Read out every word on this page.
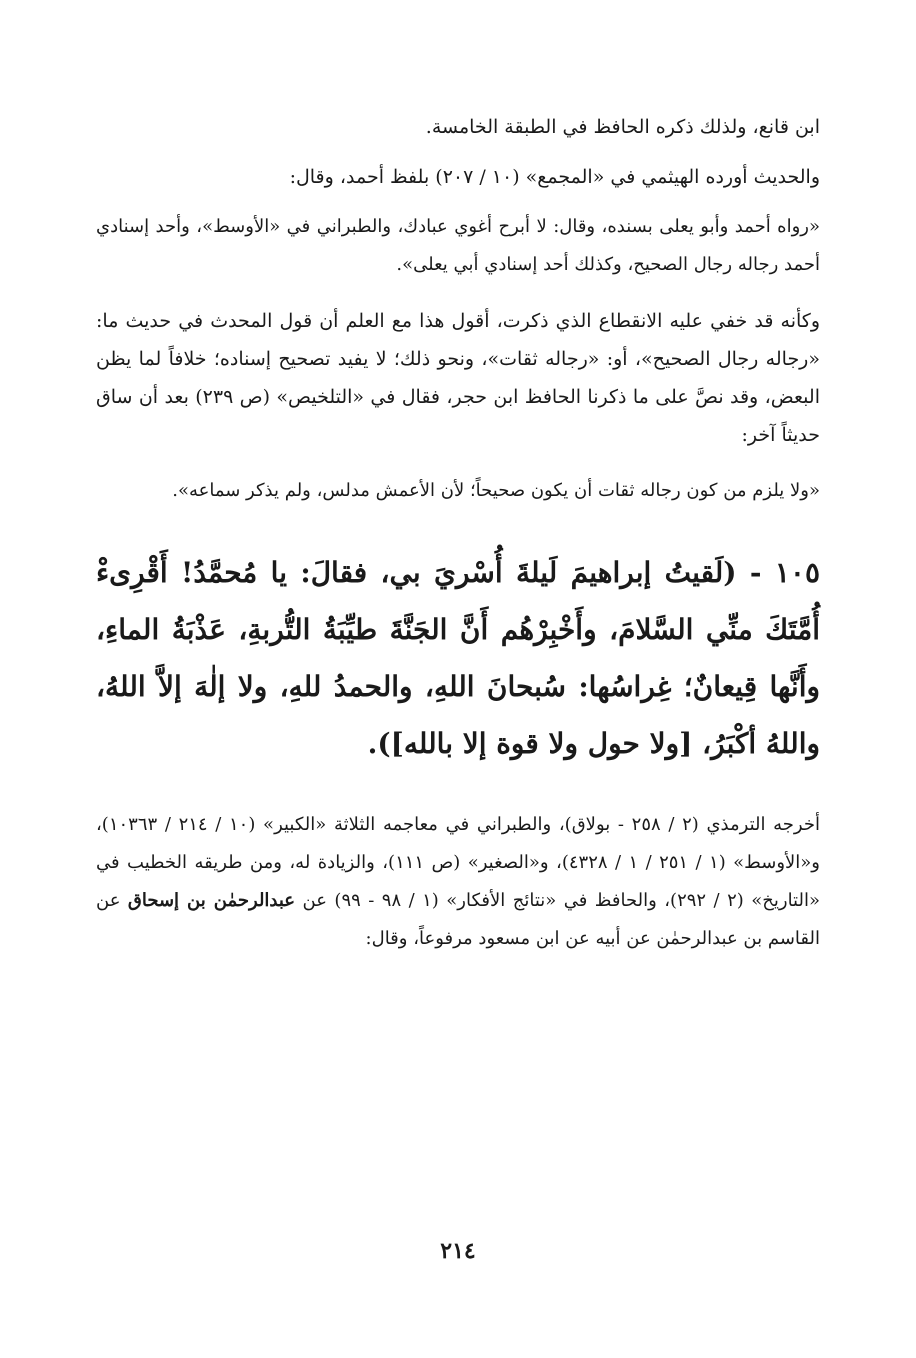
ابن قانع، ولذلك ذكره الحافظ في الطبقة الخامسة.

والحديث أورده الهيثمي في «المجمع» (١٠ / ٢٠٧) بلفظ أحمد، وقال:

«رواه أحمد وأبو يعلى بسنده، وقال: لا أبرح أغوي عبادك، والطبراني في «الأوسط»، وأحد إسنادي أحمد رجاله رجال الصحيح، وكذلك أحد إسنادي أبي يعلى».

وكأنه قد خفي عليه الانقطاع الذي ذكرت، أقول هذا مع العلم أن قول المحدث في حديث ما: «رجاله رجال الصحيح»، أو: «رجاله ثقات»، ونحو ذلك؛ لا يفيد تصحيح إسناده؛ خلافاً لما يظن البعض، وقد نصَّ على ما ذكرنا الحافظ ابن حجر، فقال في «التلخيص» (ص ٢٣٩) بعد أن ساق حديثاً آخر:

«ولا يلزم من كون رجاله ثقات أن يكون صحيحاً؛ لأن الأعمش مدلس، ولم يذكر سماعه».

١٠٥ - (لَقيتُ إبراهيمَ لَيلةَ أُسْريَ بي، فقالَ: يا مُحمَّدُ! أَقْرِىءْ أُمَّتَكَ منِّي السَّلامَ، وأَخْبِرْهُم أَنَّ الجَنَّةَ طيِّبَةُ التُّربةِ، عَذْبَةُ الماءِ، وأَنَّها قِيعانٌ؛ غِراسُها: سُبحانَ اللهِ، والحمدُ للهِ، ولا إلٰهَ إلاَّ اللهُ، واللهُ أكْبَرُ، [ولا حول ولا قوة إلا بالله]).

أخرجه الترمذي (٢ / ٢٥٨ - بولاق)، والطبراني في معاجمه الثلاثة «الكبير» (١٠ / ٢١٤ / ١٠٣٦٣)، و«الأوسط» (١ / ٢٥١ / ١ / ٤٣٢٨)، و«الصغير» (ص ١١١)، والزيادة له، ومن طريقه الخطيب في «التاريخ» (٢ / ٢٩٢)، والحافظ في «نتائج الأفكار» (١ / ٩٨ - ٩٩) عن عبدالرحمٰن بن إسحاق عن القاسم بن عبدالرحمٰن عن أبيه عن ابن مسعود مرفوعاً، وقال:

٢١٤
